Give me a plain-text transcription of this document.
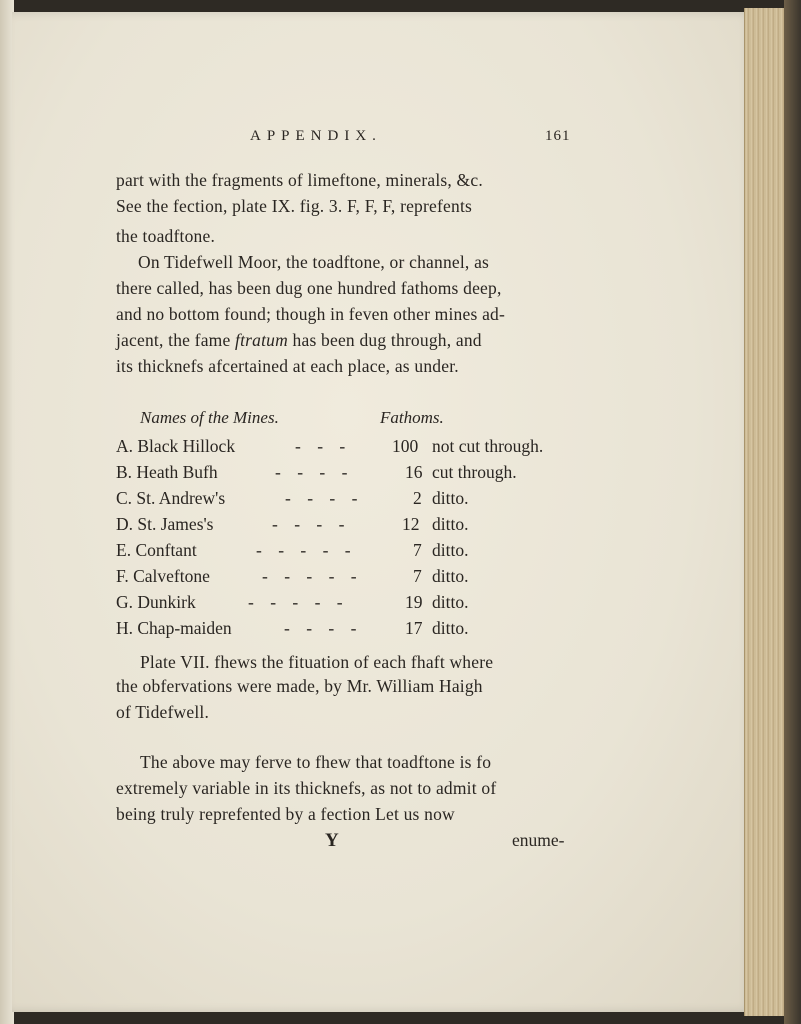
APPENDIX.	161
part with the fragments of limeftone, minerals, &c.
See the fection, plate IX. fig. 3. F, F, F, reprefents
the toadftone.
On Tidefwell Moor, the toadftone, or channel, as
there called, has been dug one hundred fathoms deep,
and no bottom found; though in feven other mines ad-
jacent, the fame ftratum has been dug through, and
its thicknefs afcertained at each place, as under.
Names of the Mines.	Fathoms.
A. Black Hillock	- - - 100 not cut through.
B. Heath Bufh	- - - -	16 cut through.
C. St. Andrew's	- - - -	2 ditto.
D. St. James's	- - - -	12 ditto.
E. Conftant	- - - - -	7 ditto.
F. Calveftone	- - - - -	7 ditto.
G. Dunkirk	- - - - -	19 ditto.
H. Chap-maiden	- - - - 17 ditto.
Plate VII. fhews the fituation of each fhaft where
the obfervations were made, by Mr. William Haigh
of Tidefwell.
The above may ferve to fhew that toadftone is fo
extremely variable in its thicknefs, as not to admit of
being truly reprefented by a fection Let us now
Y	enume-
